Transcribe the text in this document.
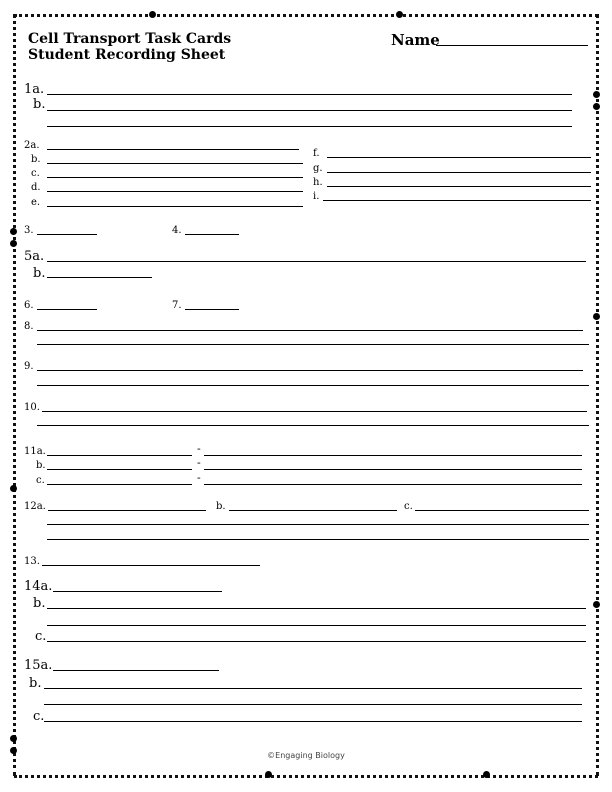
Cell Transport Task Cards
Student Recording Sheet
Name
1a.
b.
2a.
b.
c.
d.
e.
f.
g.
h.
i.
3.	4.
5a.
b.
6.	7.
8.
9.
10.
11a.	-
b.	-
c.	-
12a.	b.	c.
13.
14a.
b.
c.
15a.
b.
c.
©Engaging Biology
